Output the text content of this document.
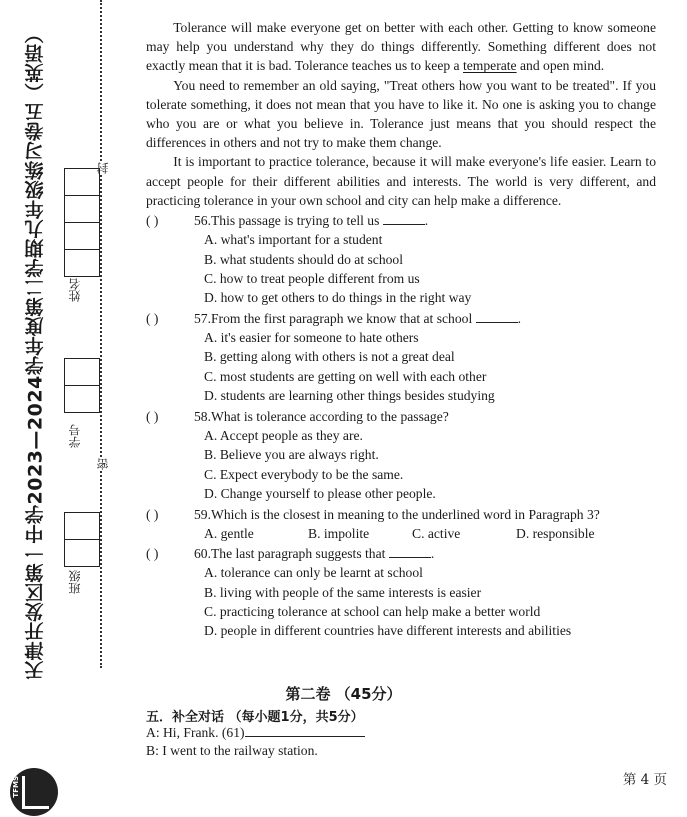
天津开发区第一中学2023—2024学年度第二学期九年级练习卷五（英语）	封
密
姓名
学号
班级

Tolerance will make everyone get on better with each other. Getting to know someone may help you understand why they do things differently. Something different does not exactly mean that it is bad. Tolerance teaches us to keep a temperate and open mind.

You need to remember an old saying, "Treat others how you want to be treated". If you tolerate something, it does not mean that you have to like it. No one is asking you to change who you are or what you believe in. Tolerance just means that you should respect the differences in others and not try to make them change.

It is important to practice tolerance, because it will make everyone's life easier. Learn to accept people for their different abilities and interests. The world is very different, and practicing tolerance in your own school and city can help make a difference.

( )	56.This passage is trying to tell us	.
A. what's important for a student
B. what students should do at school
C. how to treat people different from us
D. how to get others to do things in the right way
( )	57.From the first paragraph we know that at school	.
A. it's easier for someone to hate others
B. getting along with others is not a great deal
C. most students are getting on well with each other
D. students are learning other things besides studying
( )	58.What is tolerance according to the passage?
A. Accept people as they are.
B. Believe you are always right.
C. Expect everybody to be the same.
D. Change yourself to please other people.
( )	59.Which is the closest in meaning to the underlined word in Paragraph 3?
A. gentle	B. impolite	C. active	D. responsible
( )	60.The last paragraph suggests that	.
A. tolerance can only be learnt at school
B. living with people of the same interests is easier
C. practicing tolerance at school can help make a better world
D. people in different countries have different interests and abilities
第二卷 （45分）
五．补全对话 （每小题1分，共5分）
A: Hi, Frank. (61)
B: I went to the railway station.
第 4 页
TFMS
